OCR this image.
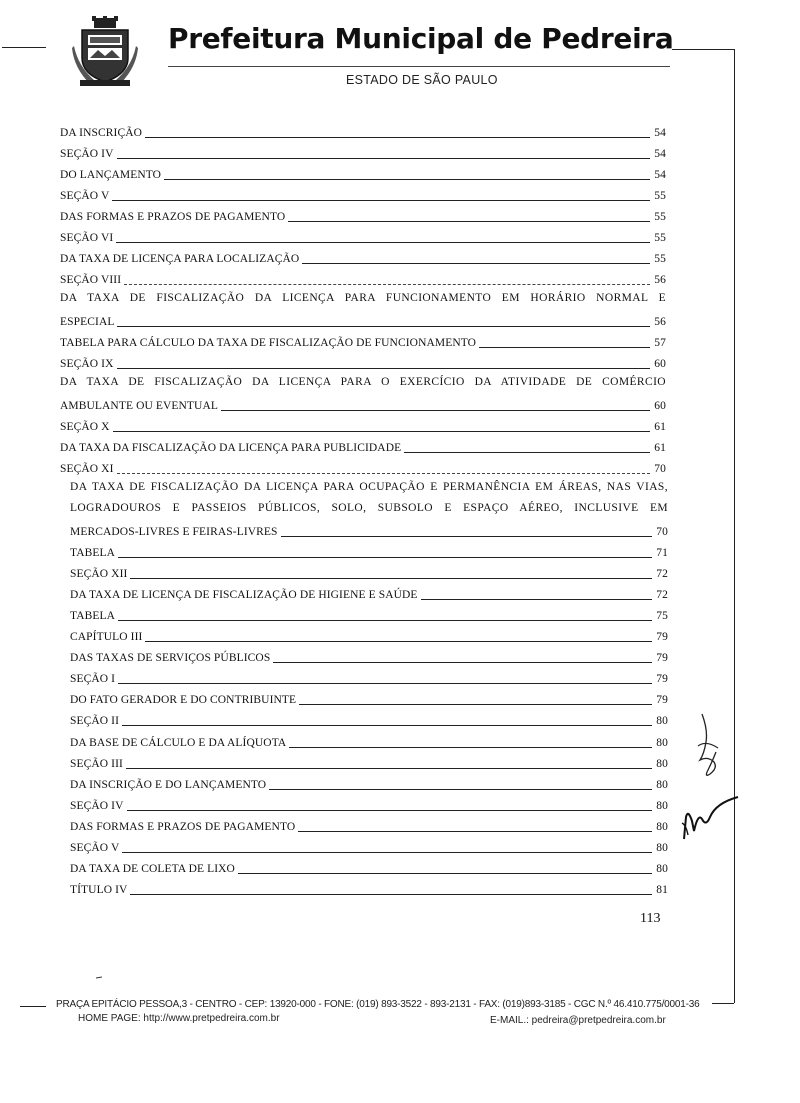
Prefeitura Municipal de Pedreira
ESTADO DE SÃO PAULO
DA INSCRIÇÃO	54
SEÇÃO IV	54
DO LANÇAMENTO	54
SEÇÃO V	55
DAS FORMAS E PRAZOS DE PAGAMENTO	55
SEÇÃO VI	55
DA TAXA DE LICENÇA PARA LOCALIZAÇÃO	55
SEÇÃO VIII	56
DA TAXA DE FISCALIZAÇÃO DA LICENÇA PARA FUNCIONAMENTO EM HORÁRIO NORMAL E
ESPECIAL	56
TABELA PARA CÁLCULO DA TAXA DE FISCALIZAÇÃO DE FUNCIONAMENTO	57
SEÇÃO IX	60
DA TAXA DE FISCALIZAÇÃO DA LICENÇA PARA O EXERCÍCIO DA ATIVIDADE DE COMÉRCIO
AMBULANTE OU EVENTUAL	60
SEÇÃO X	61
DA TAXA DA FISCALIZAÇÃO DA LICENÇA PARA PUBLICIDADE	61
SEÇÃO XI	70
DA TAXA DE FISCALIZAÇÃO DA LICENÇA PARA OCUPAÇÃO E PERMANÊNCIA EM ÁREAS, NAS VIAS,
LOGRADOUROS E PASSEIOS PÚBLICOS, SOLO, SUBSOLO E ESPAÇO AÉREO, INCLUSIVE EM
MERCADOS-LIVRES E FEIRAS-LIVRES	70
TABELA	71
SEÇÃO XII	72
DA TAXA DE LICENÇA DE FISCALIZAÇÃO DE HIGIENE E SAÚDE	72
TABELA	75
CAPÍTULO III	79
DAS TAXAS DE SERVIÇOS PÚBLICOS	79
SEÇÃO I	79
DO FATO GERADOR E DO CONTRIBUINTE	79
SEÇÃO II	80
DA BASE DE CÁLCULO E DA ALÍQUOTA	80
SEÇÃO III	80
DA INSCRIÇÃO E DO LANÇAMENTO	80
SEÇÃO IV	80
DAS FORMAS E PRAZOS DE PAGAMENTO	80
SEÇÃO V	80
DA TAXA DE COLETA DE LIXO	80
TÍTULO IV	81
113
PRAÇA EPITÁCIO PESSOA,3 - CENTRO - CEP: 13920-000 - FONE: (019) 893-3522 - 893-2131 - FAX: (019)893-3185 - CGC N.º 46.410.775/0001-36
HOME PAGE: http://www.pretpedreira.com.br	E-MAIL.: pedreira@pretpedreira.com.br
